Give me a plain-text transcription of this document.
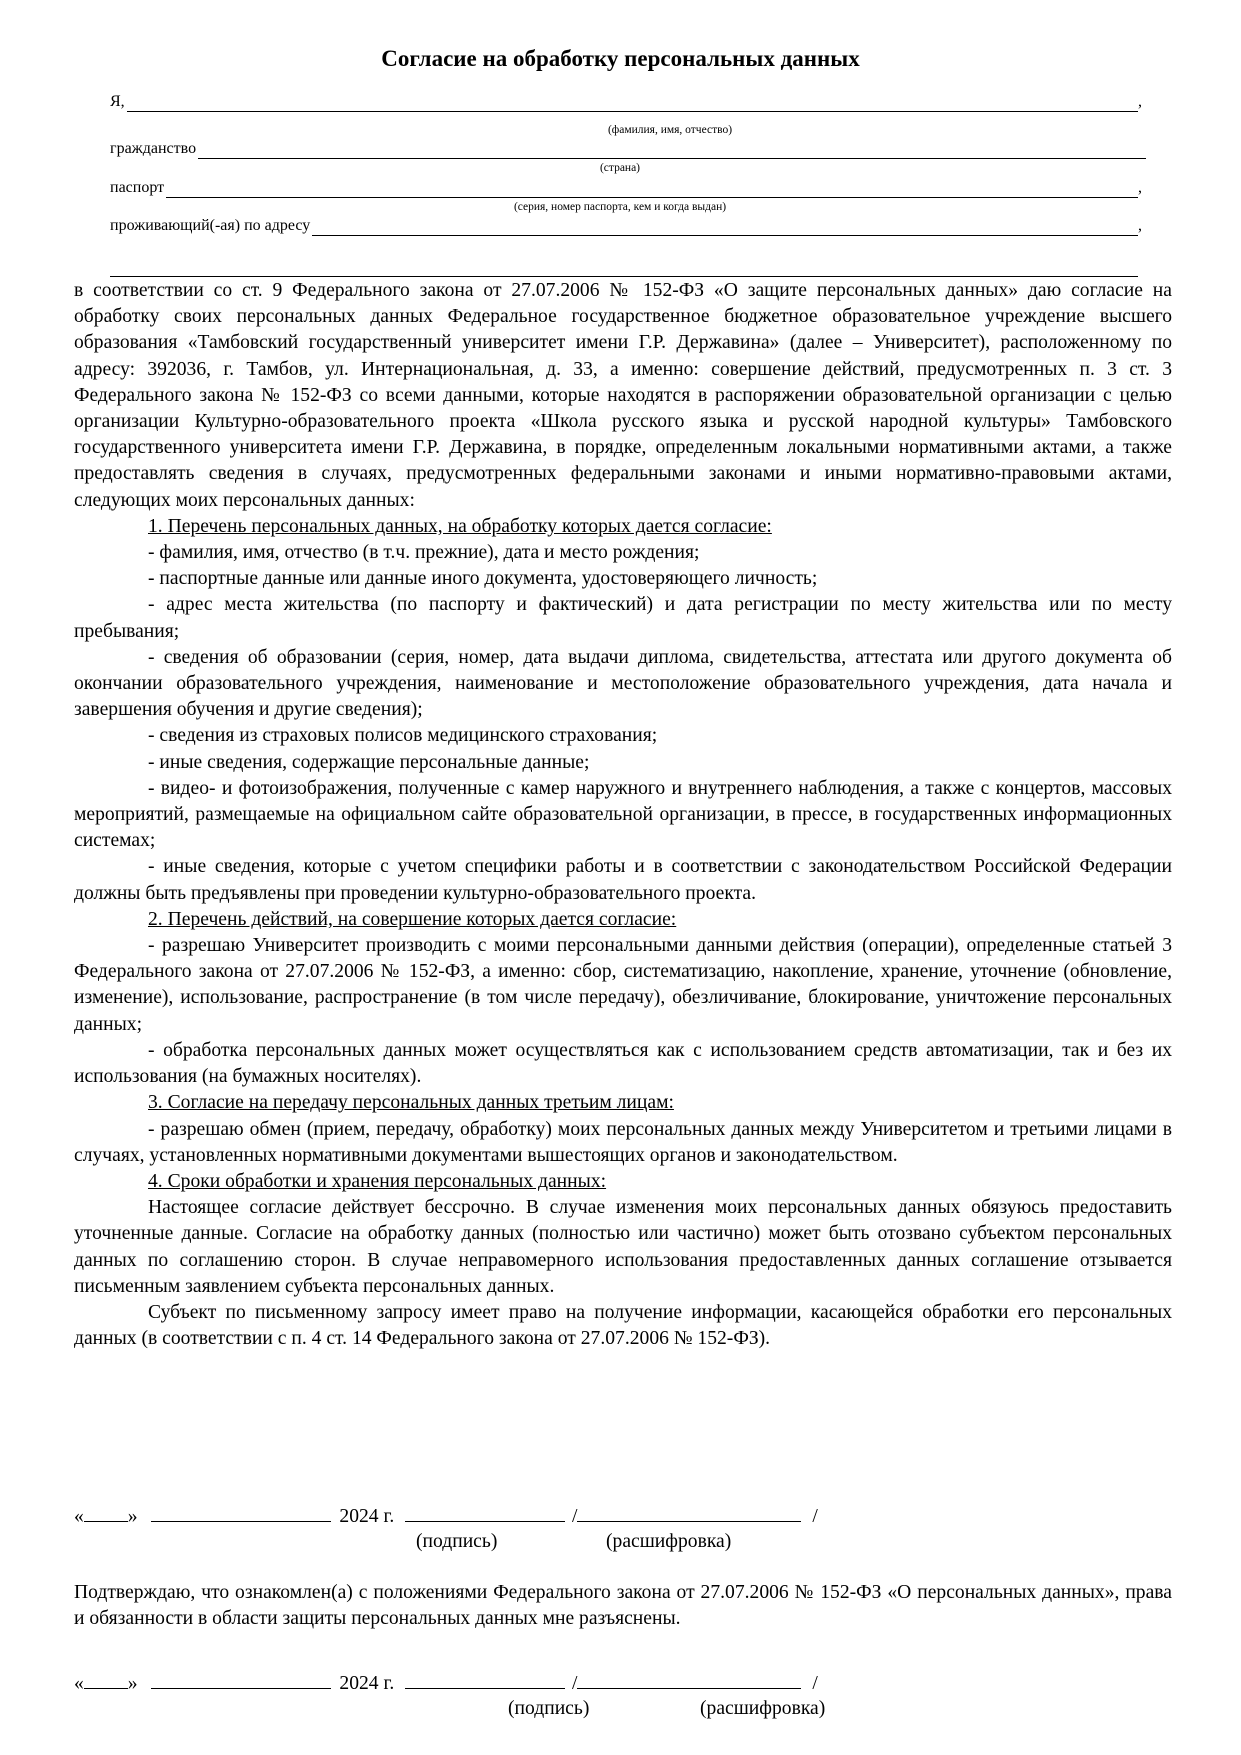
Согласие на обработку персональных данных
Я,	,
(фамилия, имя, отчество)
гражданство
(страна)
паспорт	,
(серия, номер паспорта, кем и когда выдан)
проживающий(-ая) по адресу	,

в соответствии со ст. 9 Федерального закона от 27.07.2006 № 152-ФЗ «О защите персональных данных» даю согласие на обработку своих персональных данных Федеральное государственное бюджетное образовательное учреждение высшего образования «Тамбовский государственный университет имени Г.Р. Державина» (далее – Университет), расположенному по адресу: 392036, г. Тамбов, ул. Интернациональная, д. 33, а именно: совершение действий, предусмотренных п. 3 ст. 3 Федерального закона № 152-ФЗ со всеми данными, которые находятся в распоряжении образовательной организации с целью организации Культурно-образовательного проекта «Школа русского языка и русской народной культуры» Тамбовского государственного университета имени Г.Р. Державина, в порядке, определенным локальными нормативными актами, а также предоставлять сведения в случаях, предусмотренных федеральными законами и иными нормативно-правовыми актами, следующих моих персональных данных:

1. Перечень персональных данных, на обработку которых дается согласие:

- фамилия, имя, отчество (в т.ч. прежние), дата и место рождения;

- паспортные данные или данные иного документа, удостоверяющего личность;

- адрес места жительства (по паспорту и фактический) и дата регистрации по месту жительства или по месту пребывания;

- сведения об образовании (серия, номер, дата выдачи диплома, свидетельства, аттестата или другого документа об окончании образовательного учреждения, наименование и местоположение образовательного учреждения, дата начала и завершения обучения и другие сведения);

- сведения из страховых полисов медицинского страхования;

- иные сведения, содержащие персональные данные;

- видео- и фотоизображения, полученные с камер наружного и внутреннего наблюдения, а также с концертов, массовых мероприятий, размещаемые на официальном сайте образовательной организации, в прессе, в государственных информационных системах;

- иные сведения, которые с учетом специфики работы и в соответствии с законодательством Российской Федерации должны быть предъявлены при проведении культурно-образовательного проекта.

2. Перечень действий, на совершение которых дается согласие:

- разрешаю Университет производить с моими персональными данными действия (операции), определенные статьей 3 Федерального закона от 27.07.2006 № 152-ФЗ, а именно: сбор, систематизацию, накопление, хранение, уточнение (обновление, изменение), использование, распространение (в том числе передачу), обезличивание, блокирование, уничтожение персональных данных;

- обработка персональных данных может осуществляться как с использованием средств автоматизации, так и без их использования (на бумажных носителях).

3. Согласие на передачу персональных данных третьим лицам:

- разрешаю обмен (прием, передачу, обработку) моих персональных данных между Университетом и третьими лицами в случаях, установленных нормативными документами вышестоящих органов и законодательством.

4. Сроки обработки и хранения персональных данных:

Настоящее согласие действует бессрочно. В случае изменения моих персональных данных обязуюсь предоставить уточненные данные. Согласие на обработку данных (полностью или частично) может быть отозвано субъектом персональных данных по соглашению сторон. В случае неправомерного использования предоставленных данных соглашение отзывается письменным заявлением субъекта персональных данных.

Субъект по письменному запросу имеет право на получение информации, касающейся обработки его персональных данных (в соответствии с п. 4 ст. 14 Федерального закона от 27.07.2006 № 152-ФЗ).

« »	2024 г.	/	/
(подпись)	(расшифровка)
Подтверждаю, что ознакомлен(а) с положениями Федерального закона от 27.07.2006 № 152-ФЗ «О персональных данных», права и обязанности в области защиты персональных данных мне разъяснены.
« »	2024 г.	/	/
(подпись)	(расшифровка)
